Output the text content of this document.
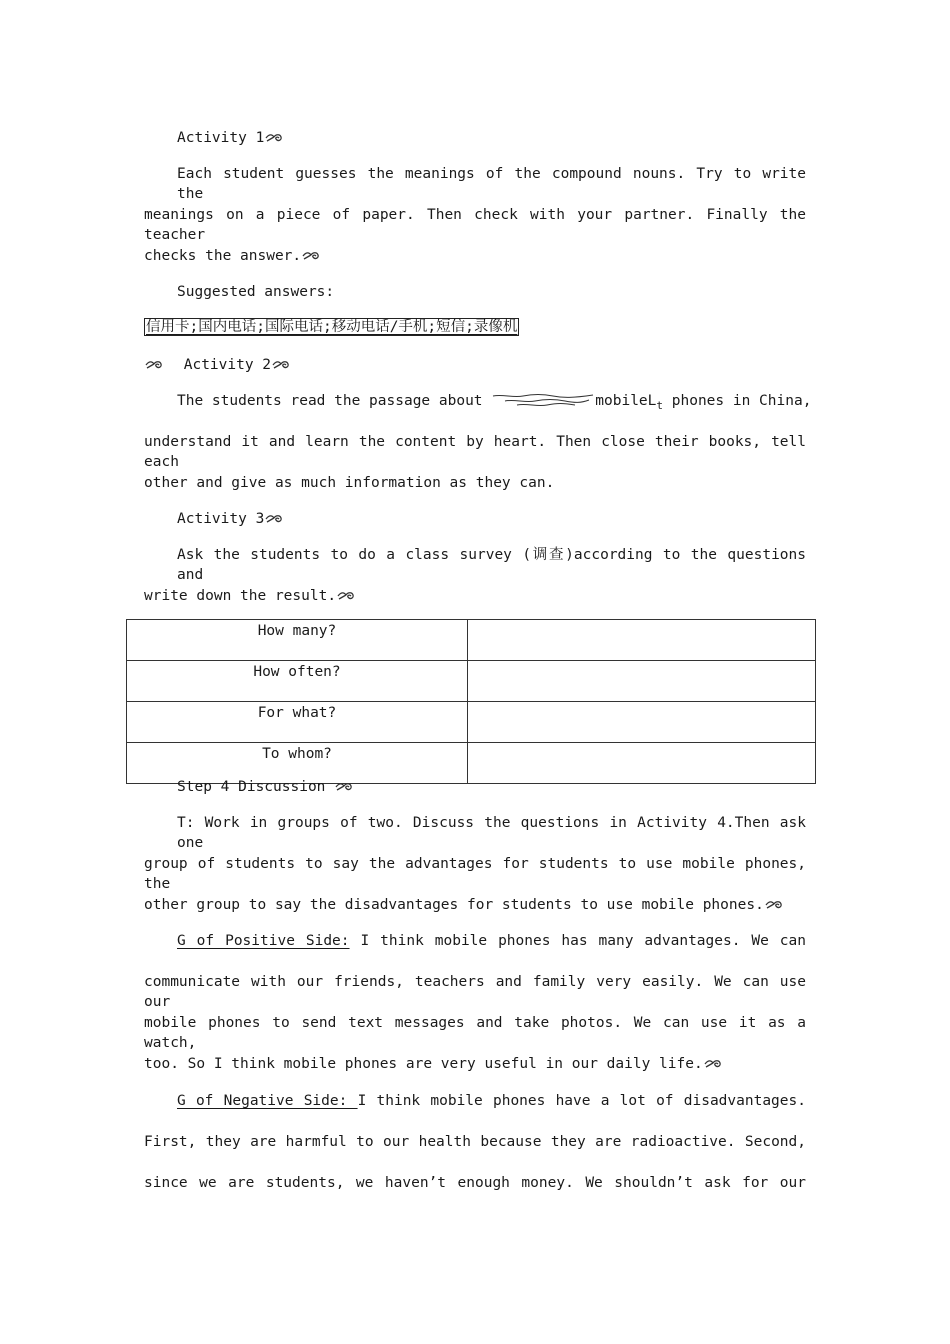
Activity 1
Each student guesses the meanings of the compound nouns. Try to write the
meanings on a piece of paper. Then check with your partner. Finally the teacher
checks the answer.
Suggested answers:
信用卡;国内电话;国际电话;移动电话/手机;短信;录像机
Activity 2
The students read the passage about	mobileL$_t$ phones in China,
understand it and learn the content by heart. Then close their books, tell each
other and give as much information as they can.
Activity 3
Ask the students to do a class survey (调查)according to the questions and
write down the result.
How many?	
How often?	
For what?	
To whom?	
Step 4 Discussion
T: Work in groups of two. Discuss the questions in Activity 4.Then ask one
group of students to say the advantages for students to use mobile phones, the
other group to say the disadvantages for students to use mobile phones.
G of Positive Side: I think mobile phones has many advantages. We can
communicate with our friends, teachers and family very easily. We can use our
mobile phones to send text messages and take photos. We can use it as a watch,
too. So I think mobile phones are very useful in our daily life.
G of Negative Side: I think mobile phones have a lot of disadvantages.
First, they are harmful to our health because they are radioactive. Second,
since we are students, we haven’t enough money. We shouldn’t ask for our
